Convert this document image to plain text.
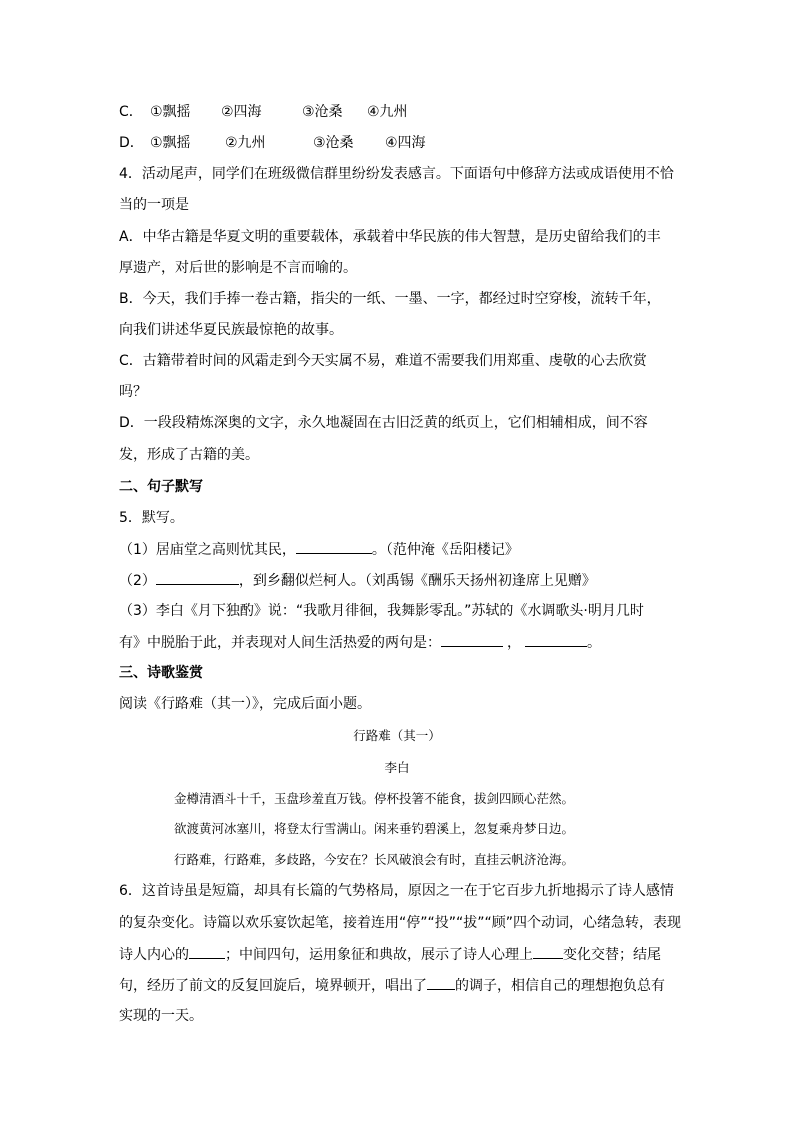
C． ①飘摇 ②四海	③沧桑 ④九州
D． ①飘摇 ②九州	③沧桑 ④四海
4．活动尾声，同学们在班级微信群里纷纷发表感言。下面语句中修辞方法或成语使用不恰
当的一项是
A．中华古籍是华夏文明的重要载体，承载着中华民族的伟大智慧，是历史留给我们的丰
厚遗产，对后世的影响是不言而喻的。
B．今天，我们手捧一卷古籍，指尖的一纸、一墨、一字，都经过时空穿梭，流转千年，
向我们讲述华夏民族最惊艳的故事。
C．古籍带着时间的风霜走到今天实属不易，难道不需要我们用郑重、虔敬的心去欣赏
吗？
D．一段段精炼深奥的文字，永久地凝固在古旧泛黄的纸页上，它们相辅相成，间不容
发，形成了古籍的美。
二、句子默写
5．默写。
（1）居庙堂之高则忧其民，	。（范仲淹《岳阳楼记》
（2）	，到乡翻似烂柯人。（刘禹锡《酬乐天扬州初逢席上见赠》
（3）李白《月下独酌》说：“我歌月徘徊，我舞影零乱。”苏轼的《水调歌头·明月几时
有》中脱胎于此，并表现对人间生活热爱的两句是：	，	。
三、诗歌鉴赏
阅读《行路难（其一）》，完成后面小题。
行路难（其一）
李白
金樽清酒斗十千，玉盘珍羞直万钱。停杯投箸不能食，拔剑四顾心茫然。
欲渡黄河冰塞川，将登太行雪满山。闲来垂钓碧溪上，忽复乘舟梦日边。
行路难，行路难，多歧路，今安在？长风破浪会有时，直挂云帆济沧海。
6．这首诗虽是短篇，却具有长篇的气势格局，原因之一在于它百步九折地揭示了诗人感情
的复杂变化。诗篇以欢乐宴饮起笔，接着连用“停”“投”“拔”“顾”四个动词，心绪急转，表现
诗人内心的	；中间四句，运用象征和典故，展示了诗人心理上 变化交替；结尾
句，经历了前文的反复回旋后，境界顿开，唱出了 的调子，相信自己的理想抱负总有
实现的一天。
